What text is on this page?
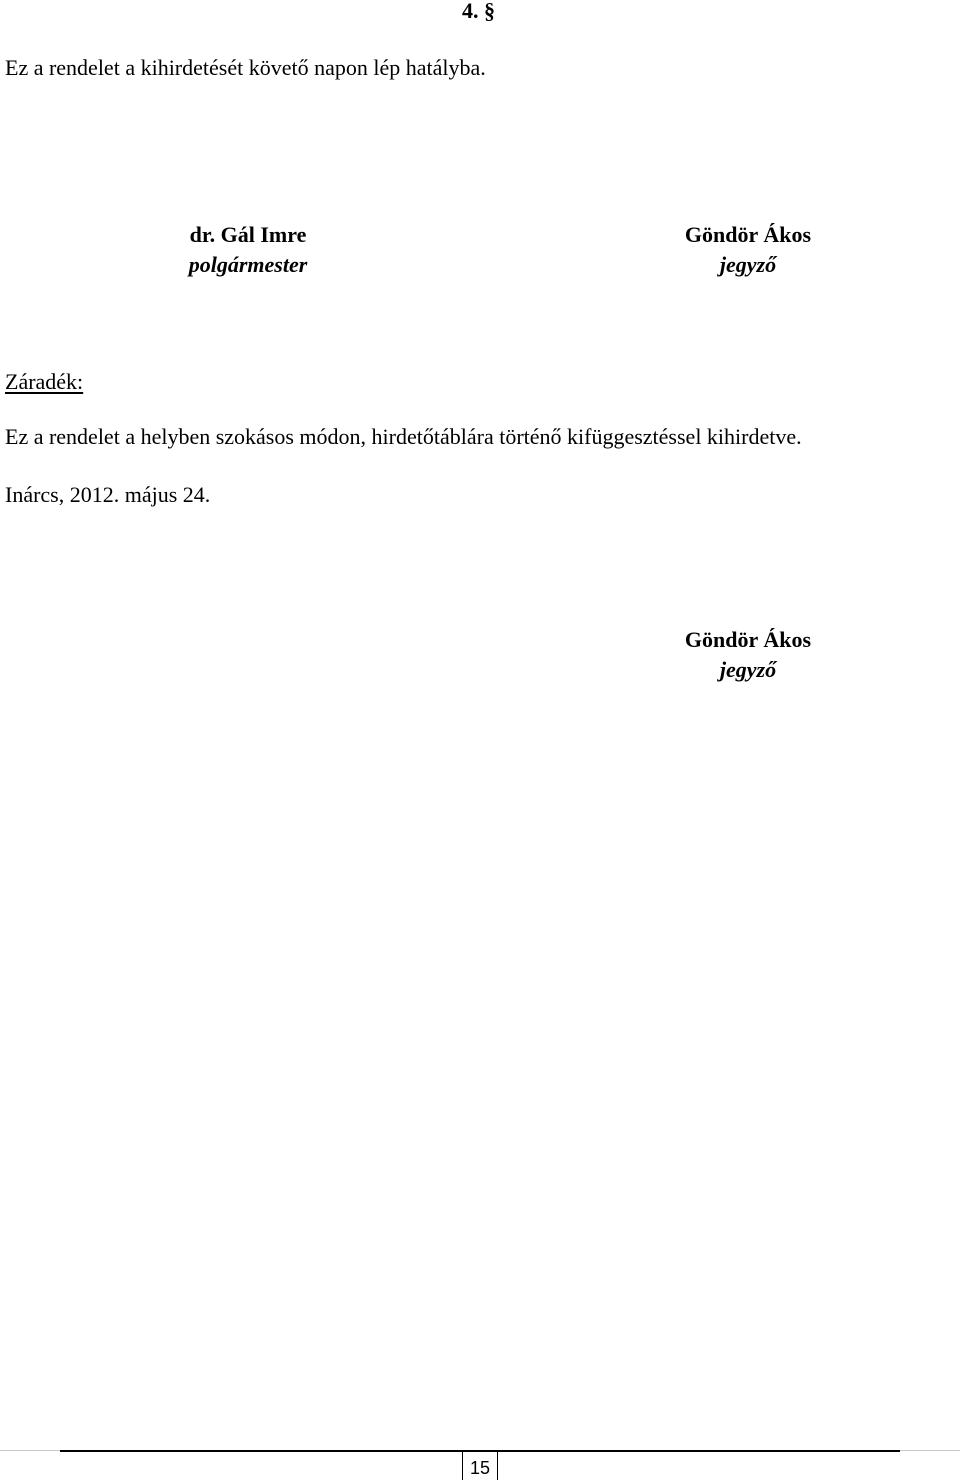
4. §
Ez a rendelet a kihirdetését követő napon lép hatályba.
dr. Gál Imre
polgármester
Göndör Ákos
jegyző
Záradék:
Ez a rendelet a helyben szokásos módon, hirdetőtáblára történő kifüggesztéssel kihirdetve.
Inárcs, 2012. május 24.
Göndör Ákos
jegyző
15
